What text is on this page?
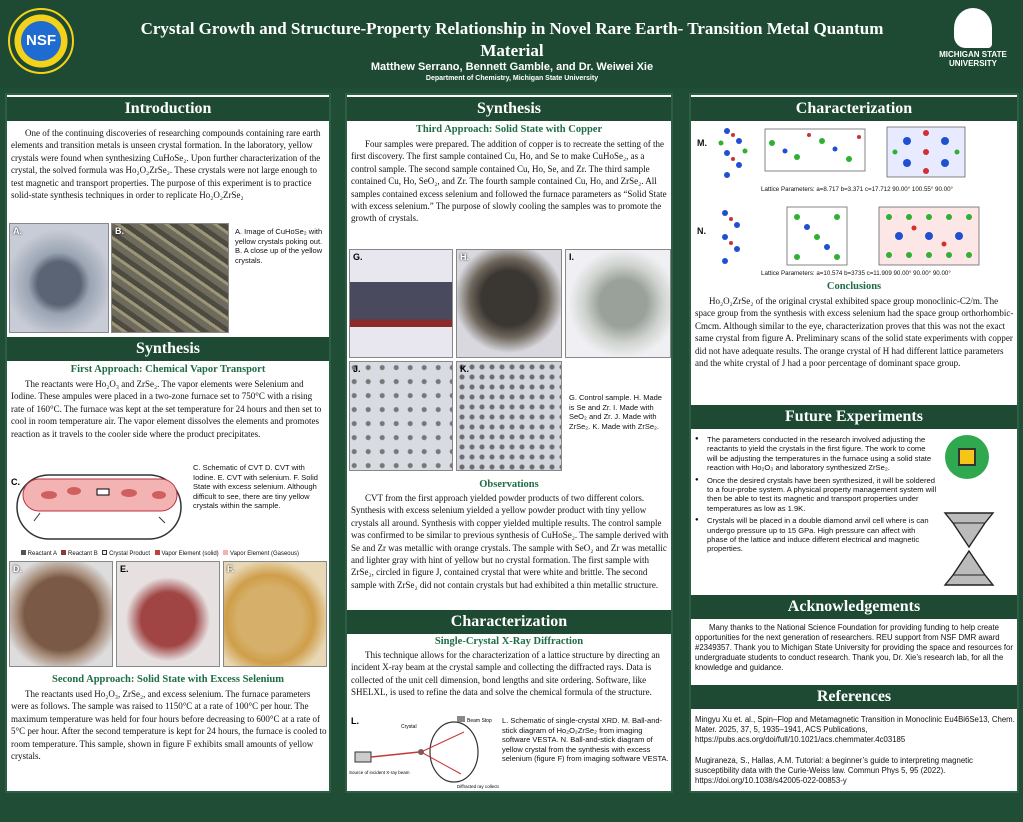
NSF
Crystal Growth and Structure-Property Relationship in Novel Rare Earth- Transition Metal Quantum Material
Matthew Serrano, Bennett Gamble, and Dr. Weiwei Xie
Department of Chemistry, Michigan State University
MICHIGAN STATE UNIVERSITY
Introduction
One of the continuing discoveries of researching compounds containing rare earth elements and transition metals is unseen crystal formation. In the laboratory, yellow crystals were found when synthesizing CuHoSe₂. Upon further characterization of the crystal, the solved formula was Ho₂O₂ZrSe₂. These crystals were not large enough to test magnetic and transport properties. The purpose of this experiment is to practice solid-state synthesis techniques in order to replicate Ho₂O₂ZrSe₂
A.	B.	A. Image of CuHoSe₂ with yellow crystals poking out. B. A close up of the yellow crystals.
Synthesis
First Approach: Chemical Vapor Transport
The reactants were Ho₂O₃ and ZrSe₂. The vapor elements were Selenium and Iodine. These ampules were placed in a two-zone furnace set to 750°C with a rising rate of 160°C. The furnace was kept at the set temperature for 24 hours and then set to cool in room temperature air. The vapor element dissolves the elements and promotes reaction as it travels to the cooler side where the product precipitates.
C.
C. Schematic of CVT D. CVT with Iodine. E. CVT with selenium. F. Solid State with excess selenium. Although difficult to see, there are tiny yellow crystals within the sample.
Reactant A Reactant B Crystal Product Vapor Element (solid) Vapor Element (Gaseous)
D.	E.	F.
Second Approach: Solid State with Excess Selenium
The reactants used Ho₂O₃, ZrSe₂, and excess selenium. The furnace parameters were as follows. The sample was raised to 1150°C at a rate of 100°C per hour. The maximum temperature was held for four hours before decreasing to 600°C at a rate of 5°C per hour. After the second temperature is kept for 24 hours, the furnace is cooled to room temperature. This sample, shown in figure F exhibits small amounts of yellow crystals.
Synthesis
Third Approach: Solid State with Copper
Four samples were prepared. The addition of copper is to recreate the setting of the first discovery. The first sample contained Cu, Ho, and Se to make CuHoSe₂, as a control sample. The second sample contained Cu, Ho, Se, and Zr. The third sample contained Cu, Ho, SeO₂, and Zr. The fourth sample contained Cu, Ho, and ZrSe₂. All samples contained excess selenium and followed the furnace parameters as “Solid State with excess selenium.” The purpose of slowly cooling the samples was to promote the growth of crystals.
G.	H.	I.
J.	K.
G. Control sample. H. Made is Se and Zr. I. Made with SeO₂ and Zr. J. Made with ZrSe₂. K. Made with ZrSe₂.
Observations
CVT from the first approach yielded powder products of two different colors. Synthesis with excess selenium yielded a yellow powder product with tiny yellow crystals all around. Synthesis with copper yielded multiple results. The control sample was confirmed to be similar to previous synthesis of CuHoSe₂. The sample derived with Se and Zr was metallic with orange crystals. The sample with SeO₂ and Zr was metallic and lighter gray with hint of yellow but no crystal formation. The first sample with ZrSe₂, circled in figure J, contained crystal that were white and brittle. The second sample with ZrSe₂ did not contain crystals but had exhibited a thin metallic structure.
Characterization
Single-Crystal X-Ray Diffraction
This technique allows for the characterization of a lattice structure by directing an incident X-ray beam at the crystal sample and collecting the diffracted rays. Data is collected of the unit cell dimension, bond lengths and site ordering. Software, like SHELXL, is used to refine the data and solve the chemical formula of the structure.
L.
Crystal
Beam Stop
Source of incident X-ray beam
Diffracted ray collector
L. Schematic of single-crystal XRD. M. Ball-and-stick diagram of Ho₂O₂ZrSe₂ from imaging software VESTA. N. Ball-and-stick diagram of yellow crystal from the synthesis with excess selenium (figure F) from imaging software VESTA.
Characterization
M.
Lattice Parameters: a=8.717 b=3.371 c=17.712 90.00° 100.55° 90.00°
N.
Lattice Parameters: a=10.574 b=3735 c=11.909 90.00° 90.00° 90.00°
Conclusions
Ho₂O₂ZrSe₂ of the original crystal exhibited space group monoclinic-C2/m. The space group from the synthesis with excess selenium had the space group orthorhombic-Cmcm. Although similar to the eye, characterization proves that this was not the exact same crystal from figure A. Preliminary scans of the solid state experiments with copper did not have adequate results. The orange crystal of H had different lattice parameters and the white crystal of J had a poor percentage of dominant space group.
Future Experiments
● The parameters conducted in the research involved adjusting the reactants to yield the crystals in the first figure. The work to come will be adjusting the temperatures in the furnace using a solid state reaction with Ho₂O₃ and laboratory synthesized ZrSe₂.
● Once the desired crystals have been synthesized, it will be soldered to a four-probe system. A physical property management system will then be able to test its magnetic and transport properties under temperatures as low as 1.9K.
● Crystals will be placed in a double diamond anvil cell where is can undergo pressure up to 15 GPa. High pressure can affect with phase of the lattice and induce different electrical and magnetic properties.
Acknowledgements
Many thanks to the National Science Foundation for providing funding to help create opportunities for the next generation of researchers. REU support from NSF DMR award #2349357. Thank you to Michigan State University for providing the space and resources for undergraduate students to conduct research. Thank you, Dr. Xie’s research lab, for all the knowledge and guidance.
References
Mingyu Xu et. al., Spin–Flop and Metamagnetic Transition in Monoclinic Eu4Bi6Se13, Chem. Mater. 2025, 37, 5, 1935–1941, ACS Publications, https://pubs.acs.org/doi/full/10.1021/acs.chemmater.4c03185
Mugiraneza, S., Hallas, A.M. Tutorial: a beginner’s guide to interpreting magnetic susceptibility data with the Curie-Weiss law. Commun Phys 5, 95 (2022). https://doi.org/10.1038/s42005-022-00853-y
